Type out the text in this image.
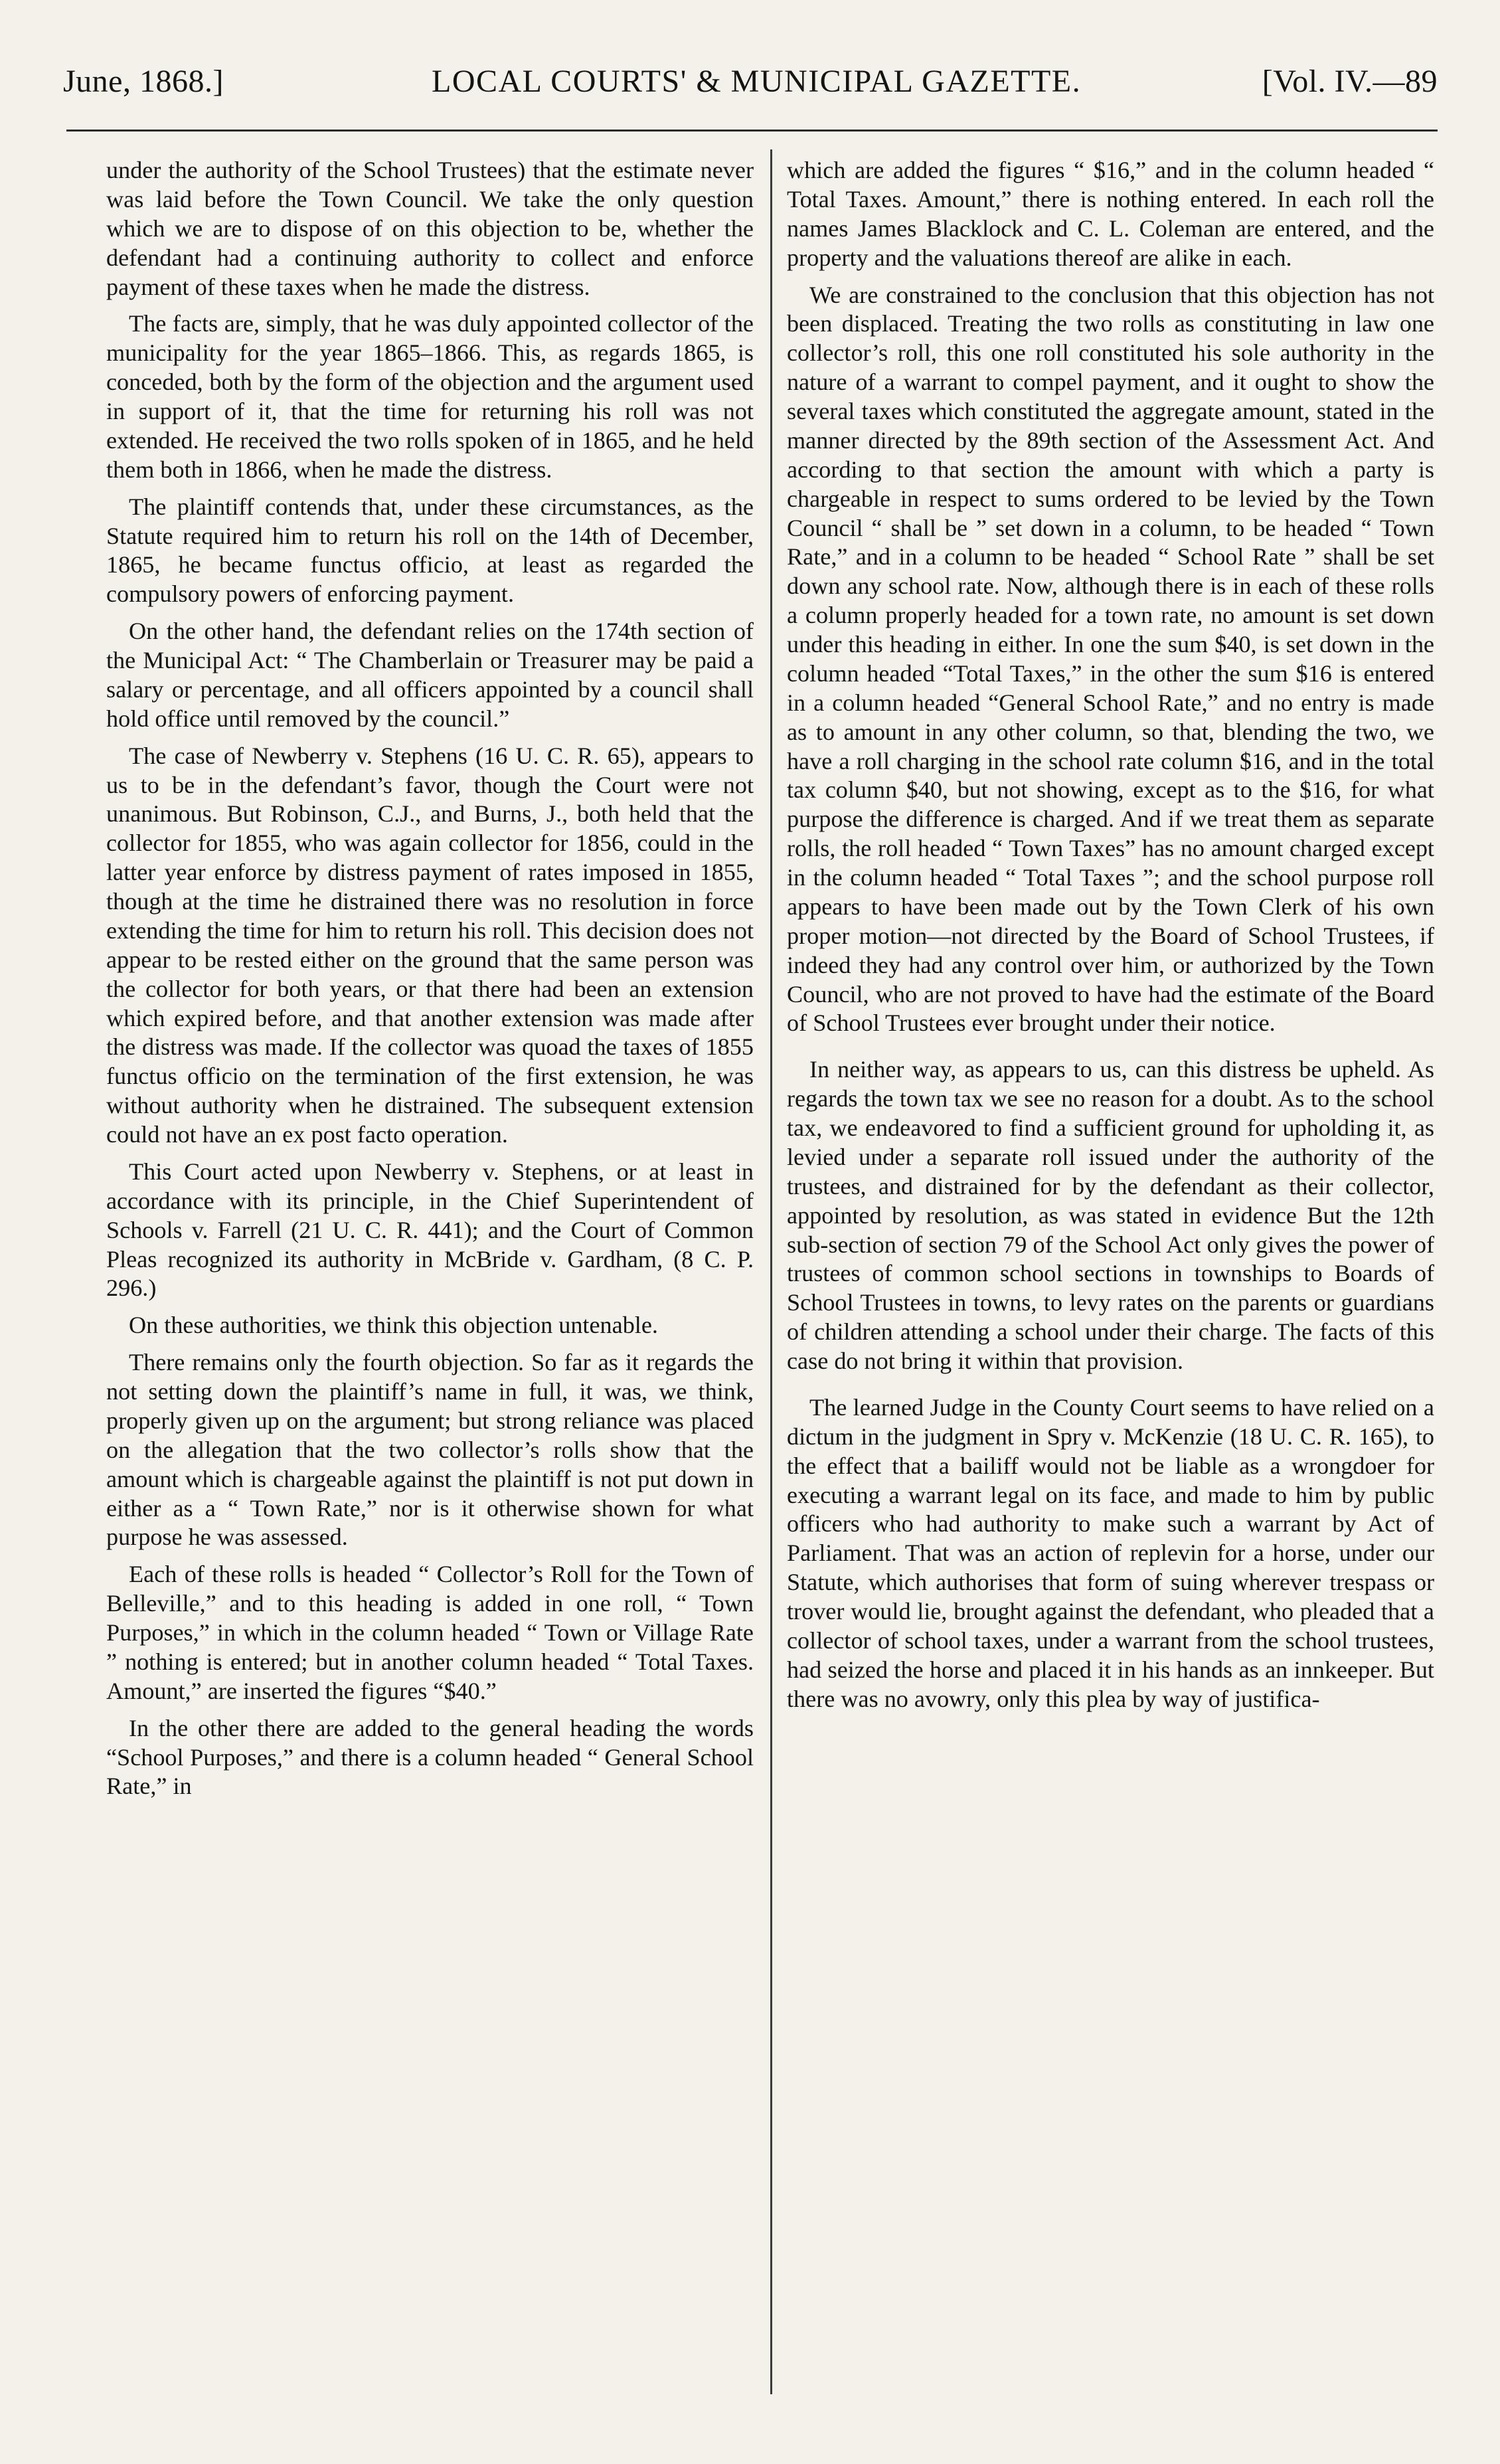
June, 1868.]	LOCAL COURTS' & MUNICIPAL GAZETTE.	[Vol. IV.—89

under the authority of the School Trustees) that the estimate never was laid before the Town Council. We take the only question which we are to dispose of on this objection to be, whether the defendant had a continuing authority to collect and enforce payment of these taxes when he made the distress.

The facts are, simply, that he was duly appointed collector of the municipality for the year 1865–1866. This, as regards 1865, is conceded, both by the form of the objection and the argument used in support of it, that the time for returning his roll was not extended. He received the two rolls spoken of in 1865, and he held them both in 1866, when he made the distress.

The plaintiff contends that, under these circumstances, as the Statute required him to return his roll on the 14th of December, 1865, he became functus officio, at least as regarded the compulsory powers of enforcing payment.

On the other hand, the defendant relies on the 174th section of the Municipal Act: “ The Chamberlain or Treasurer may be paid a salary or percentage, and all officers appointed by a council shall hold office until removed by the council.”

The case of Newberry v. Stephens (16 U. C. R. 65), appears to us to be in the defendant’s favor, though the Court were not unanimous. But Robinson, C.J., and Burns, J., both held that the collector for 1855, who was again collector for 1856, could in the latter year enforce by distress payment of rates imposed in 1855, though at the time he distrained there was no resolution in force extending the time for him to return his roll. This decision does not appear to be rested either on the ground that the same person was the collector for both years, or that there had been an extension which expired before, and that another extension was made after the distress was made. If the collector was quoad the taxes of 1855 functus officio on the termination of the first extension, he was without authority when he distrained. The subsequent extension could not have an ex post facto operation.

This Court acted upon Newberry v. Stephens, or at least in accordance with its principle, in the Chief Superintendent of Schools v. Farrell (21 U. C. R. 441); and the Court of Common Pleas recognized its authority in McBride v. Gardham, (8 C. P. 296.)

On these authorities, we think this objection untenable.

There remains only the fourth objection. So far as it regards the not setting down the plaintiff’s name in full, it was, we think, properly given up on the argument; but strong reliance was placed on the allegation that the two collector’s rolls show that the amount which is chargeable against the plaintiff is not put down in either as a “ Town Rate,” nor is it otherwise shown for what purpose he was assessed.

Each of these rolls is headed “ Collector’s Roll for the Town of Belleville,” and to this heading is added in one roll, “ Town Purposes,” in which in the column headed “ Town or Village Rate ” nothing is entered; but in another column headed “ Total Taxes. Amount,” are inserted the figures “$40.”

In the other there are added to the general heading the words “School Purposes,” and there is a column headed “ General School Rate,” in

which are added the figures “ $16,” and in the column headed “ Total Taxes. Amount,” there is nothing entered. In each roll the names James Blacklock and C. L. Coleman are entered, and the property and the valuations thereof are alike in each.

We are constrained to the conclusion that this objection has not been displaced. Treating the two rolls as constituting in law one collector’s roll, this one roll constituted his sole authority in the nature of a warrant to compel payment, and it ought to show the several taxes which constituted the aggregate amount, stated in the manner directed by the 89th section of the Assessment Act. And according to that section the amount with which a party is chargeable in respect to sums ordered to be levied by the Town Council “ shall be ” set down in a column, to be headed “ Town Rate,” and in a column to be headed “ School Rate ” shall be set down any school rate. Now, although there is in each of these rolls a column properly headed for a town rate, no amount is set down under this heading in either. In one the sum $40, is set down in the column headed “Total Taxes,” in the other the sum $16 is entered in a column headed “General School Rate,” and no entry is made as to amount in any other column, so that, blending the two, we have a roll charging in the school rate column $16, and in the total tax column $40, but not showing, except as to the $16, for what purpose the difference is charged. And if we treat them as separate rolls, the roll headed “ Town Taxes” has no amount charged except in the column headed “ Total Taxes ”; and the school purpose roll appears to have been made out by the Town Clerk of his own proper motion—not directed by the Board of School Trustees, if indeed they had any control over him, or authorized by the Town Council, who are not proved to have had the estimate of the Board of School Trustees ever brought under their notice.

In neither way, as appears to us, can this distress be upheld. As regards the town tax we see no reason for a doubt. As to the school tax, we endeavored to find a sufficient ground for upholding it, as levied under a separate roll issued under the authority of the trustees, and distrained for by the defendant as their collector, appointed by resolution, as was stated in evidence But the 12th sub-section of section 79 of the School Act only gives the power of trustees of common school sections in townships to Boards of School Trustees in towns, to levy rates on the parents or guardians of children attending a school under their charge. The facts of this case do not bring it within that provision.

The learned Judge in the County Court seems to have relied on a dictum in the judgment in Spry v. McKenzie (18 U. C. R. 165), to the effect that a bailiff would not be liable as a wrongdoer for executing a warrant legal on its face, and made to him by public officers who had authority to make such a warrant by Act of Parliament. That was an action of replevin for a horse, under our Statute, which authorises that form of suing wherever trespass or trover would lie, brought against the defendant, who pleaded that a collector of school taxes, under a warrant from the school trustees, had seized the horse and placed it in his hands as an innkeeper. But there was no avowry, only this plea by way of justifica-
